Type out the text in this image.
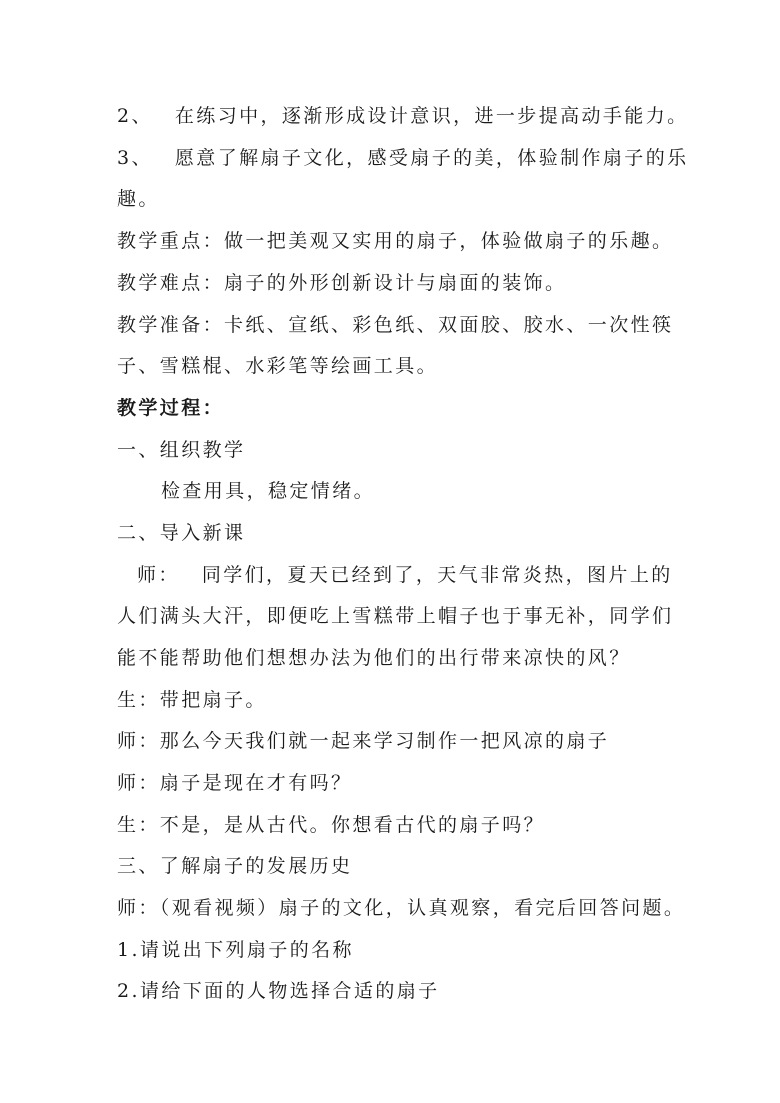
2、 在练习中，逐渐形成设计意识，进一步提高动手能力。
3、 愿意了解扇子文化，感受扇子的美，体验制作扇子的乐
趣。
教学重点：做一把美观又实用的扇子，体验做扇子的乐趣。
教学难点：扇子的外形创新设计与扇面的装饰。
教学准备：卡纸、宣纸、彩色纸、双面胶、胶水、一次性筷
子、雪糕棍、水彩笔等绘画工具。
教学过程：
一、组织教学
检查用具，稳定情绪。
二、导入新课
师： 同学们，夏天已经到了，天气非常炎热，图片上的
人们满头大汗，即便吃上雪糕带上帽子也于事无补，同学们
能不能帮助他们想想办法为他们的出行带来凉快的风？
生：带把扇子。
师：那么今天我们就一起来学习制作一把风凉的扇子
师：扇子是现在才有吗？
生：不是，是从古代。你想看古代的扇子吗？
三、了解扇子的发展历史
师：（观看视频）扇子的文化，认真观察，看完后回答问题。
1.请说出下列扇子的名称
2.请给下面的人物选择合适的扇子
